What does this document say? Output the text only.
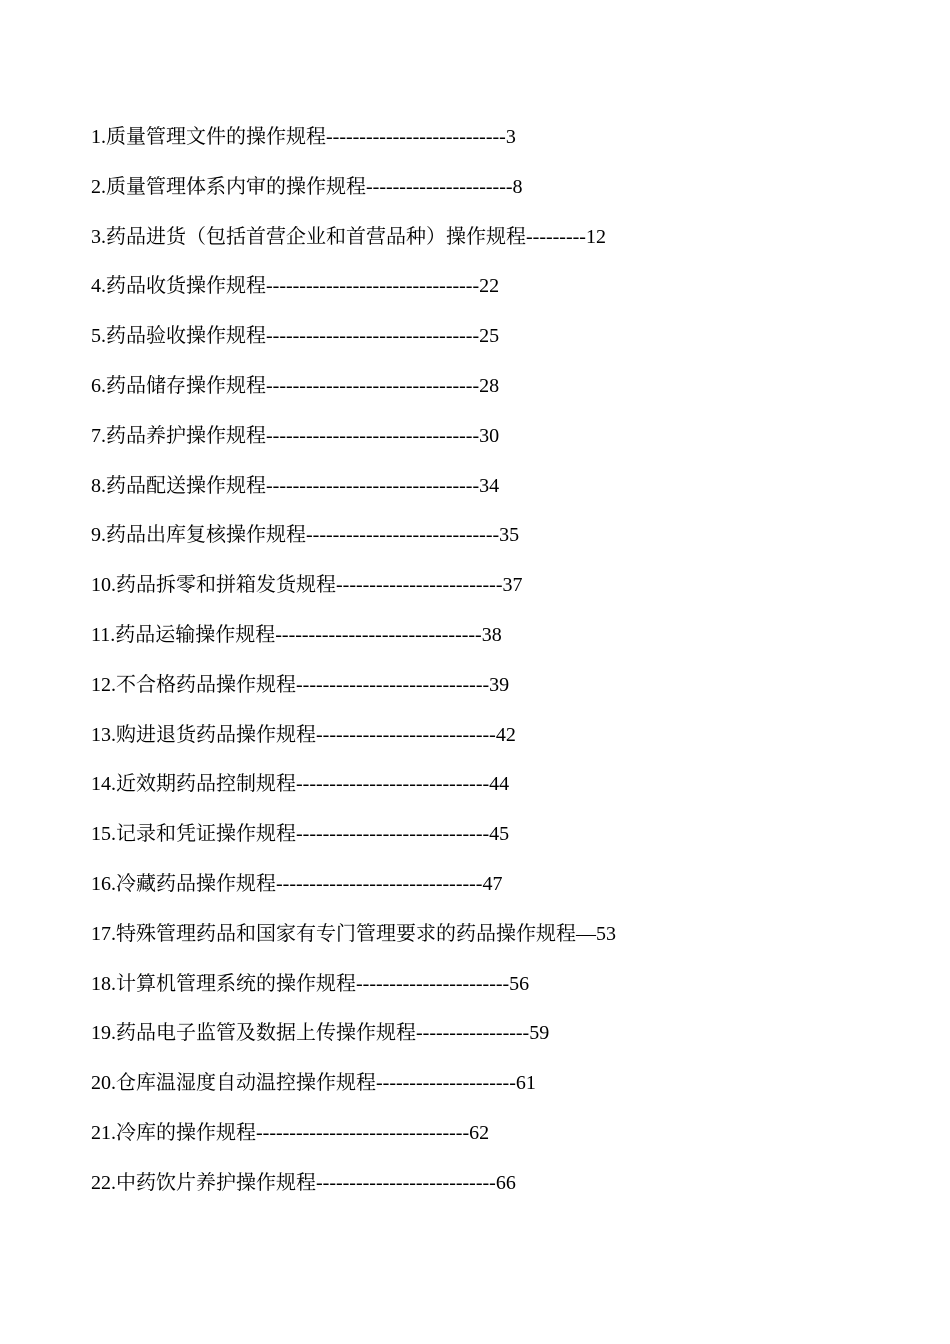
1.质量管理文件的操作规程---------------------------3
2.质量管理体系内审的操作规程----------------------8
3.药品进货（包括首营企业和首营品种）操作规程---------12
4.药品收货操作规程--------------------------------22
5.药品验收操作规程--------------------------------25
6.药品储存操作规程--------------------------------28
7.药品养护操作规程--------------------------------30
8.药品配送操作规程--------------------------------34
9.药品出库复核操作规程-----------------------------35
10.药品拆零和拼箱发货规程-------------------------37
11.药品运输操作规程-------------------------------38
12.不合格药品操作规程-----------------------------39
13.购进退货药品操作规程---------------------------42
14.近效期药品控制规程-----------------------------44
15.记录和凭证操作规程-----------------------------45
16.冷藏药品操作规程-------------------------------47
17.特殊管理药品和国家有专门管理要求的药品操作规程—53
18.计算机管理系统的操作规程-----------------------56
19.药品电子监管及数据上传操作规程-----------------59
20.仓库温湿度自动温控操作规程---------------------61
21.冷库的操作规程--------------------------------62
22.中药饮片养护操作规程---------------------------66
